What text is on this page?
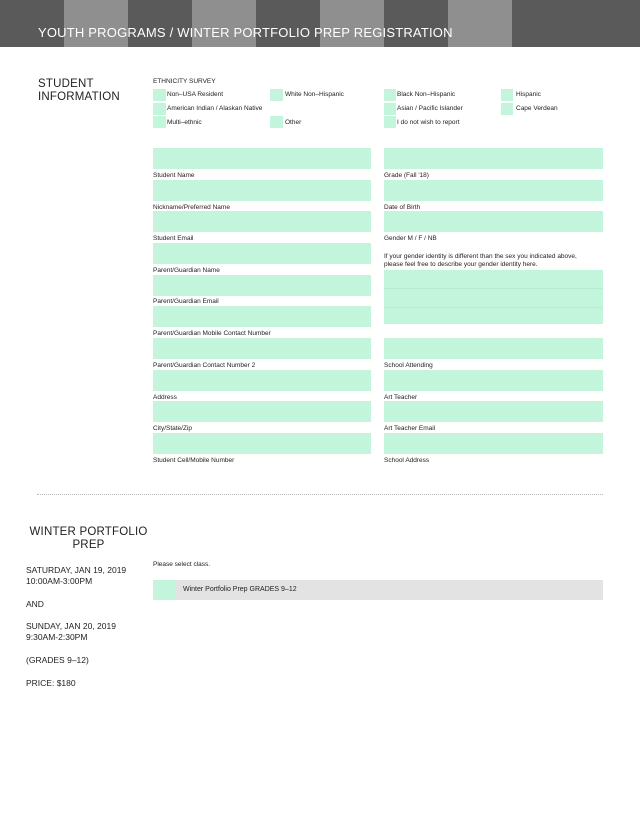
YOUTH PROGRAMS / WINTER PORTFOLIO PREP REGISTRATION
STUDENT
INFORMATION
ETHNICITY SURVEY
Non–USA Resident	White Non–Hispanic	Black Non–Hispanic	Hispanic
American Indian / Alaskan Native	Asian / Pacific Islander	Cape Verdean
Multi–ethnic	Other	I do not wish to report
Student Name
Nickname/Preferred Name
Student Email
Parent/Guardian Name
Parent/Guardian Email
Parent/Guardian Mobile Contact Number
Parent/Guardian Contact Number 2
Address
City/State/Zip
Student Cell/Mobile Number
Grade (Fall '18)
Date of Birth
Gender M / F / NB
If your gender identity is different than the sex you indicated above, please feel free to describe your gender identity here.
School Attending
Art Teacher
Art Teacher Email
School Address
WINTER PORTFOLIO
PREP
SATURDAY, JAN 19, 2019
10:00AM-3:00PM
AND
SUNDAY, JAN 20, 2019
9:30AM-2:30PM
(GRADES 9–12)
PRICE: $180
Please select class.
Winter Portfolio Prep GRADES 9–12
